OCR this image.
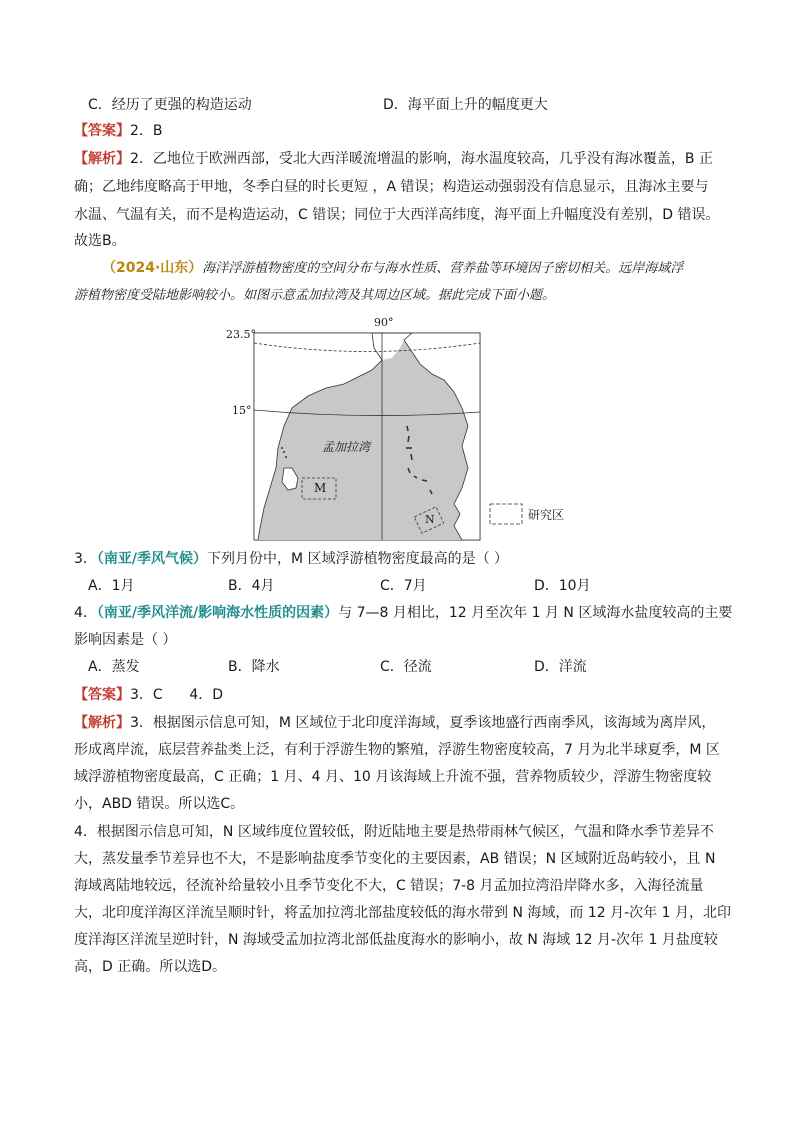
C．经历了更强的构造运动	D．海平面上升的幅度更大
【答案】2．B
【解析】2．乙地位于欧洲西部，受北大西洋暖流增温的影响，海水温度较高，几乎没有海冰覆盖，B 正
确；乙地纬度略高于甲地，冬季白昼的时长更短 ，A 错误；构造运动强弱没有信息显示，且海冰主要与
水温、气温有关，而不是构造运动，C 错误；同位于大西洋高纬度，海平面上升幅度没有差别，D 错误。
故选B。
（2024·山东）海洋浮游植物密度的空间分布与海水性质、营养盐等环境因子密切相关。远岸海域浮
游植物密度受陆地影响较小。如图示意孟加拉湾及其周边区域。据此完成下面小题。
23.5°
15°
90°
孟加拉湾
M
N	研究区
3．（南亚/季风气候）下列月份中，M 区域浮游植物密度最高的是（ ）
A．1月	B．4月	C．7月	D．10月
4．（南亚/季风洋流/影响海水性质的因素）与 7—8 月相比，12 月至次年 1 月 N 区域海水盐度较高的主要
影响因素是（ ）
A．蒸发	B．降水	C．径流	D．洋流
【答案】3．C      4．D
【解析】3．根据图示信息可知，M 区域位于北印度洋海域，夏季该地盛行西南季风，该海域为离岸风，
形成离岸流，底层营养盐类上泛，有利于浮游生物的繁殖，浮游生物密度较高，7 月为北半球夏季，M 区
域浮游植物密度最高，C 正确；1 月、4 月、10 月该海域上升流不强，营养物质较少，浮游生物密度较
小，ABD 错误。所以选C。
4．根据图示信息可知，N 区域纬度位置较低，附近陆地主要是热带雨林气候区，气温和降水季节差异不
大，蒸发量季节差异也不大，不是影响盐度季节变化的主要因素，AB 错误；N 区域附近岛屿较小，且 N
海域离陆地较远，径流补给量较小且季节变化不大，C 错误；7-8 月孟加拉湾沿岸降水多，入海径流量
大，北印度洋海区洋流呈顺时针，将孟加拉湾北部盐度较低的海水带到 N 海域，而 12 月-次年 1 月，北印
度洋海区洋流呈逆时针，N 海域受孟加拉湾北部低盐度海水的影响小，故 N 海域 12 月-次年 1 月盐度较
高，D 正确。所以选D。
